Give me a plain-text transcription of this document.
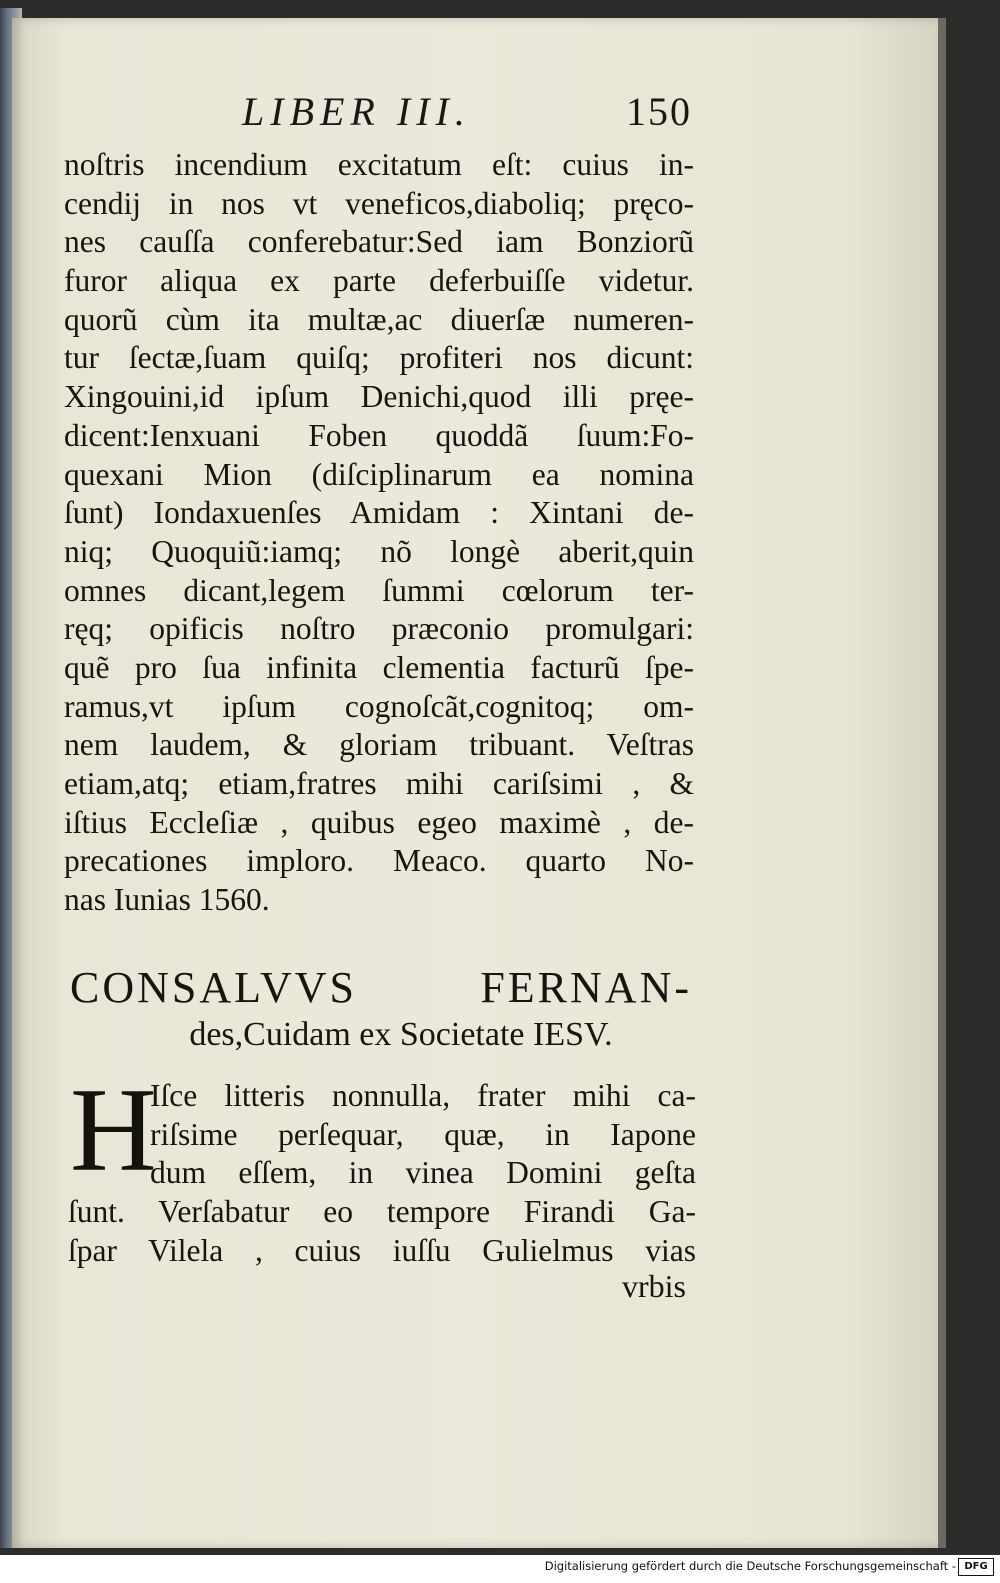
LIBER III.	150
noſtris incendium excitatum eſt: cuius in-
cendij in nos vt veneficos,diaboliq; pręco-
nes cauſſa conferebatur:Sed iam Bonziorũ
furor aliqua ex parte deferbuiſſe videtur.
quorũ cùm ita multæ,ac diuerſæ numeren-
tur ſectæ,ſuam quiſq; profiteri nos dicunt:
Xingouini,id ipſum Denichi,quod illi pręe-
dicent:Ienxuani Foben quoddã ſuum:Fo-
quexani Mion (diſciplinarum ea nomina
ſunt) Iondaxuenſes Amidam : Xintani de-
niq; Quoquiũ:iamq; nõ longè aberit,quin
omnes dicant,legem ſummi cœlorum ter-
ręq; opificis noſtro præconio promulgari:
quẽ pro ſua infinita clementia facturũ ſpe-
ramus,vt ipſum cognoſcãt,cognitoq; om-
nem laudem, & gloriam tribuant. Veſtras
etiam,atq; etiam,fratres mihi cariſsimi , &
iſtius Eccleſiæ , quibus egeo maximè , de-
precationes imploro. Meaco. quarto No-
nas Iunias 1560.
CONSALVVS FERNAN-
des,Cuidam ex Societate IESV.
H
Iſce litteris nonnulla, frater mihi ca-
riſsime perſequar, quæ, in Iapone
dum eſſem, in vinea Domini geſta
ſunt. Verſabatur eo tempore Firandi Ga-
ſpar Vilela , cuius iuſſu Gulielmus vias
vrbis
Digitalisierung gefördert durch die Deutsche Forschungsgemeinschaft - DFG
